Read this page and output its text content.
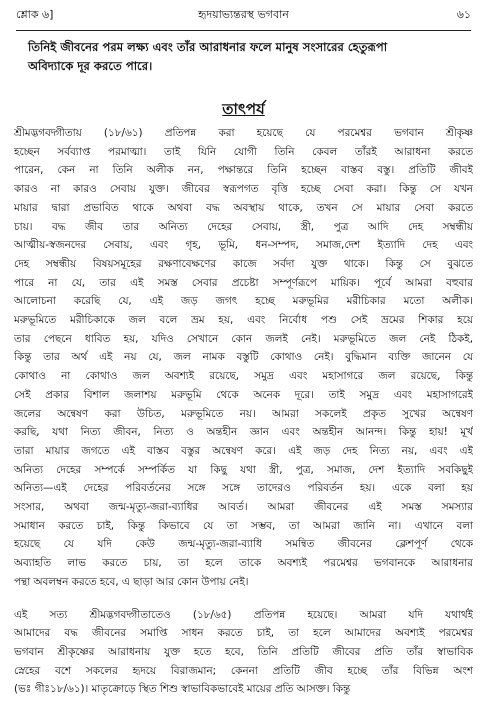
শ্লোক ৬]	হৃদয়াভ্যন্তরস্থ ভগবান	৬১

তিনিই জীবনের পরম লক্ষ্য এবং তাঁর আরাধনার ফলে মানুষ সংসারের হেতুরূপা

অবিদ্যাকে দূর করতে পারে।

তাৎপর্য
শ্রীমদ্ভগবদ্গীতায় (১৮/৬১) প্রতিপন্ন করা হয়েছে যে পরমেশ্বর ভগবান শ্রীকৃষ্ণ
হচ্ছেন সর্বব্যাপ্ত পরমাত্মা। তাই যিনি যোগী তিনি কেবল তাঁরই আরাধনা করতে
পারেন, কেন না তিনি অলীক নন, পক্ষান্তরে তিনি হচ্ছেন বাস্তব বস্তু। প্রতিটি জীবই
কারও না কারও সেবায় যুক্ত। জীবের স্বরূপগত বৃত্তি হচ্ছে সেবা করা। কিন্তু সে যখন
মায়ার দ্বারা প্রভাবিত থাকে অথবা বদ্ধ অবস্থায় থাকে, তখন সে মায়ার সেবা করতে
চায়। বদ্ধ জীব তার অনিত্য দেহের সেবায়, স্ত্রী, পুত্র আদি দেহ সম্বন্ধীয়
আত্মীয়-স্বজনদের সেবায়, এবং গৃহ, ভূমি, ধন-সম্পদ, সমাজ,দেশ ইত্যাদি দেহ এবং
দেহ সম্বন্ধীয় বিষয়সমূহের রক্ষণাবেক্ষণের কাজে সর্বদা যুক্ত থাকে। কিন্তু সে বুঝতে
পারে না যে, তার এই সমস্ত সেবার প্রচেষ্টা সম্পূর্ণরূপে মায়িক। পূর্বে আমরা বহুবার
আলোচনা করেছি যে, এই জড় জগৎ হচ্ছে মরুভূমির মরীচিকার মতো অলীক।
মরুভূমিতে মরীচিকাকে জল বলে ভ্রম হয়, এবং নির্বোধ পশু সেই ভ্রমের শিকার হয়ে
তার পেছনে ধাবিত হয়, যদিও সেখানে কোন জলই নেই। মরুভূমিতে জল নেই ঠিকই,
কিন্তু তার অর্থ এই নয় যে, জল নামক বস্তুটি কোথাও নেই। বুদ্ধিমান ব্যক্তি জানেন যে
কোথাও না কোথাও জল অবশ্যই রয়েছে, সমুদ্র এবং মহাসাগরে জল রয়েছে, কিন্তু
সেই প্রকার বিশাল জলাশয় মরুভূমি থেকে অনেক দূরে। তাই সমুদ্র এবং মহাসাগরেই
জলের অন্বেষণ করা উচিত, মরুভূমিতে নয়। আমরা সকলেই প্রকৃত সুখের অন্বেষণ
করছি, যথা নিত্য জীবন, নিত্য ও অন্তহীন জ্ঞান এবং অন্তহীন আনন্দ। কিন্তু হায়! মূর্খ
তারা মায়ার জগতে এই বাস্তব বস্তুর অন্বেষণ করে। এই জড় দেহ নিত্য নয়, এবং এই
অনিত্য দেহের সম্পর্কে সম্পর্কিত যা কিছু যথা স্ত্রী, পুত্র, সমাজ, দেশ ইত্যাদি সবকিছুই
অনিত্য—এই দেহের পরিবর্তনের সঙ্গে সঙ্গে তাদেরও পরিবর্তন হয়। একে বলা হয়
সংসার, অথবা জন্ম-মৃত্যু-জরা-ব্যাধির আবর্ত। আমরা জীবনের এই সমস্ত সমস্যার
সমাধান করতে চাই, কিন্তু কিভাবে যে তা সম্ভব, তা আমরা জানি না। এখানে বলা
হয়েছে যে যদি কেউ জন্ম-মৃত্যু-জরা-ব্যাধি সমন্বিত জীবনের ক্লেশপূর্ণ থেকে
অব্যাহতি লাভ করতে চায়, তা হলে তাকে অবশ্যই পরমেশ্বর ভগবানকে আরাধনার
পন্থা অবলম্বন করতে হবে, এ ছাড়া আর কোন উপায় নেই।
এই সত্য শ্রীমদ্ভগবদ্গীতাতেও (১৮/৬৫) প্রতিপন্ন হয়েছে। আমরা যদি যথার্থই
আমাদের বদ্ধ জীবনের সমাপ্তি সাধন করতে চাই, তা হলে আমাদের অবশ্যই পরমেশ্বর
ভগবান শ্রীকৃষ্ণের আরাধনায় যুক্ত হতে হবে, তিনি প্রতিটি জীবের প্রতি তাঁর স্বাভাবিক
স্নেহের বশে সকলের হৃদয়ে বিরাজমান; কেননা প্রতিটি জীব হচ্ছে তাঁর বিভিন্ন অংশ
(ভঃ গীঃ১৮/৬১)। মাতৃক্রোড়ে স্থিত শিশু স্বাভাবিকভাবেই মায়ের প্রতি আসক্ত। কিন্তু
